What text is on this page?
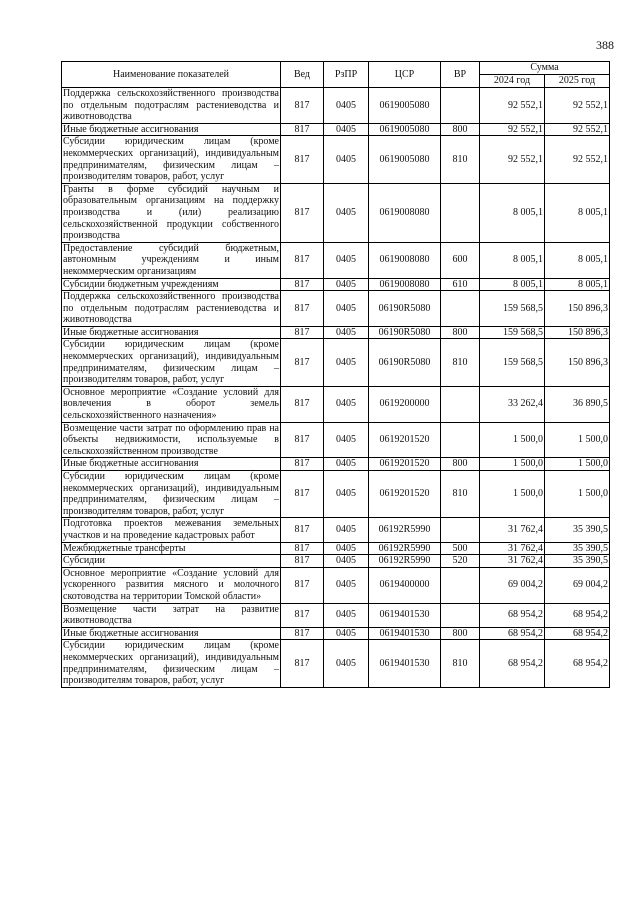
388
Наименование показателей	Вед	РзПР	ЦСР	ВР	Сумма	
					2024 год	2025 год
Поддержка сельскохозяйственного производства по отдельным подотраслям растениеводства и животноводства	817	0405	0619005080		92 552,1	92 552,1
Иные бюджетные ассигнования	817	0405	0619005080	800	92 552,1	92 552,1
Субсидии юридическим лицам (кроме некоммерческих организаций), индивидуальным предпринимателям, физическим лицам – производителям товаров, работ, услуг	817	0405	0619005080	810	92 552,1	92 552,1
Гранты в форме субсидий научным и образовательным организациям на поддержку производства и (или) реализацию сельскохозяйственной продукции собственного производства	817	0405	0619008080		8 005,1	8 005,1
Предоставление субсидий бюджетным, автономным учреждениям и иным некоммерческим организациям	817	0405	0619008080	600	8 005,1	8 005,1
Субсидии бюджетным учреждениям	817	0405	0619008080	610	8 005,1	8 005,1
Поддержка сельскохозяйственного производства по отдельным подотраслям растениеводства и животноводства	817	0405	06190R5080		159 568,5	150 896,3
Иные бюджетные ассигнования	817	0405	06190R5080	800	159 568,5	150 896,3
Субсидии юридическим лицам (кроме некоммерческих организаций), индивидуальным предпринимателям, физическим лицам – производителям товаров, работ, услуг	817	0405	06190R5080	810	159 568,5	150 896,3
Основное мероприятие «Создание условий для вовлечения в оборот земель сельскохозяйственного назначения»	817	0405	0619200000		33 262,4	36 890,5
Возмещение части затрат по оформлению прав на объекты недвижимости, используемые в сельскохозяйственном производстве	817	0405	0619201520		1 500,0	1 500,0
Иные бюджетные ассигнования	817	0405	0619201520	800	1 500,0	1 500,0
Субсидии юридическим лицам (кроме некоммерческих организаций), индивидуальным предпринимателям, физическим лицам – производителям товаров, работ, услуг	817	0405	0619201520	810	1 500,0	1 500,0
Подготовка проектов межевания земельных участков и на проведение кадастровых работ	817	0405	06192R5990		31 762,4	35 390,5
Межбюджетные трансферты	817	0405	06192R5990	500	31 762,4	35 390,5
Субсидии	817	0405	06192R5990	520	31 762,4	35 390,5
Основное мероприятие «Создание условий для ускоренного развития мясного и молочного скотоводства на территории Томской области»	817	0405	0619400000		69 004,2	69 004,2
Возмещение части затрат на развитие животноводства	817	0405	0619401530		68 954,2	68 954,2
Иные бюджетные ассигнования	817	0405	0619401530	800	68 954,2	68 954,2
Субсидии юридическим лицам (кроме некоммерческих организаций), индивидуальным предпринимателям, физическим лицам – производителям товаров, работ, услуг	817	0405	0619401530	810	68 954,2	68 954,2
